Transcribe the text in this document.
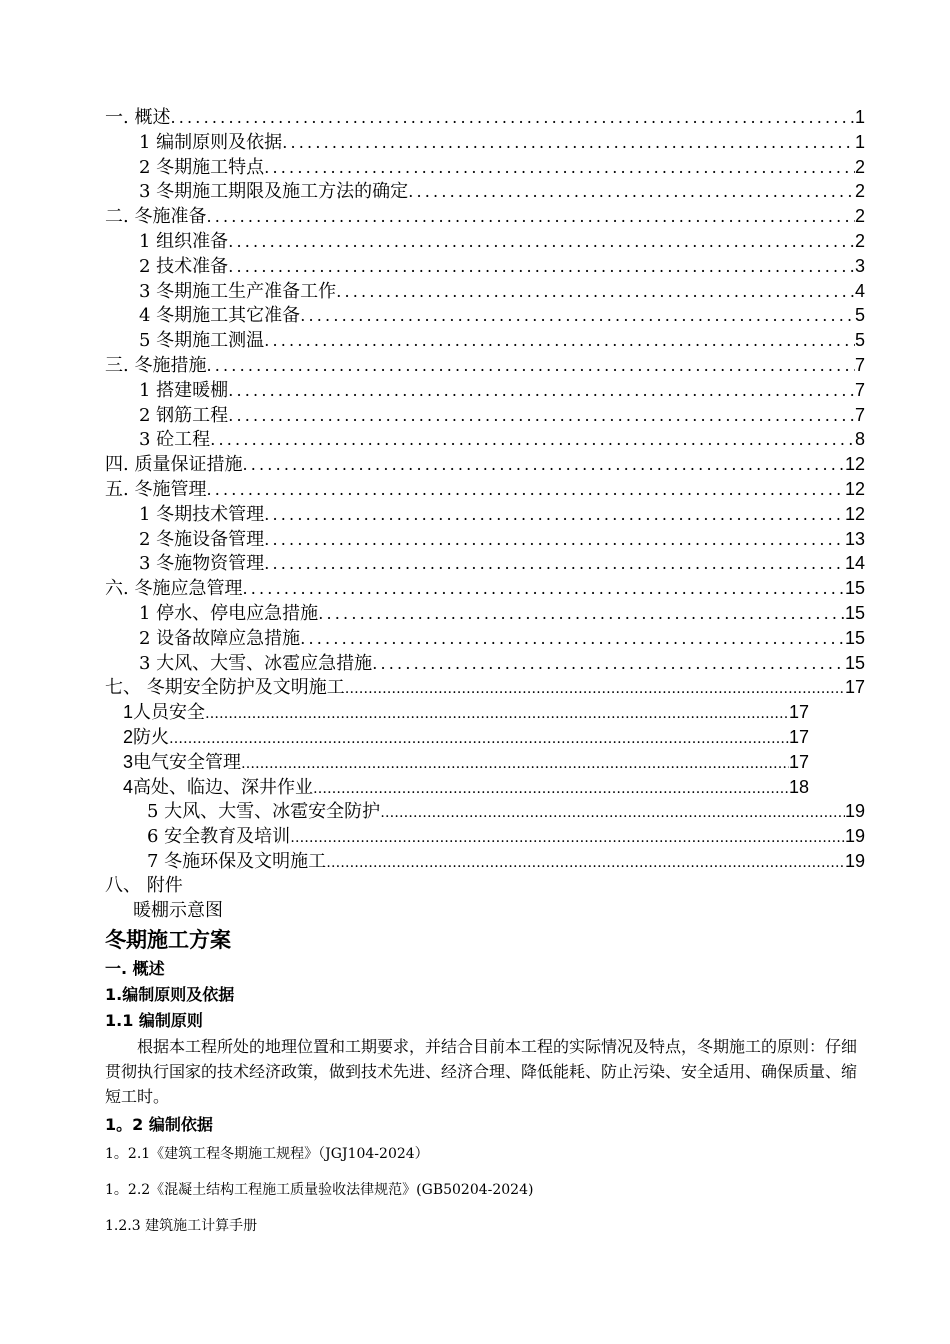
一. 概述 .....	1
1 编制原则及依据 .....	1
2 冬期施工特点 .....	2
3 冬期施工期限及施工方法的确定 .....	2
二. 冬施准备 .....	2
1 组织准备 .....	2
2 技术准备 .....	3
3 冬期施工生产准备工作 .....	4
4 冬期施工其它准备 .....	5
5 冬期施工测温 .....	5
三. 冬施措施 .....	7
1 搭建暖棚 .....	7
2 钢筋工程 .....	7
3 砼工程 .....	8
四. 质量保证措施 .....	12
五. 冬施管理 .....	12
1 冬期技术管理 .....	12
2 冬施设备管理 .....	13
3 冬施物资管理 .....	14
六. 冬施应急管理 .....	15
1 停水、停电应急措施 .....	15
2 设备故障应急措施 .....	15
3 大风、大雪、冰雹应急措施 .....	15
七、 冬期安全防护及文明施工 …………………………………………………………………………………………………………………………………………………………………………………………	17
1人员安全 …………………………………………………………………………………………………………………………………………………………………………………………	17
2防火 …………………………………………………………………………………………………………………………………………………………………………………………	17
3电气安全管理 …………………………………………………………………………………………………………………………………………………………………………………………	17
4高处、临边、深井作业 …………………………………………………………………………………………………………………………………………………………………………………………	18
5 大风、大雪、冰雹安全防护 …………………………………………………………………………………………………………………………………………………………………………………………	19
6 安全教育及培训 …………………………………………………………………………………………………………………………………………………………………………………………	19
7 冬施环保及文明施工 …………………………………………………………………………………………………………………………………………………………………………………………	19
八、 附件
暖棚示意图
冬期施工方案
一. 概述
1.编制原则及依据
1.1 编制原则

根据本工程所处的地理位置和工期要求，并结合目前本工程的实际情况及特点，冬期施工的原则：仔细贯彻执行国家的技术经济政策，做到技术先进、经济合理、降低能耗、防止污染、安全适用、确保质量、缩短工时。

1。2 编制依据
1。2.1《建筑工程冬期施工规程》（JGJ104-2024）
1。2.2《混凝土结构工程施工质量验收法律规范》(GB50204-2024)
1.2.3 建筑施工计算手册
